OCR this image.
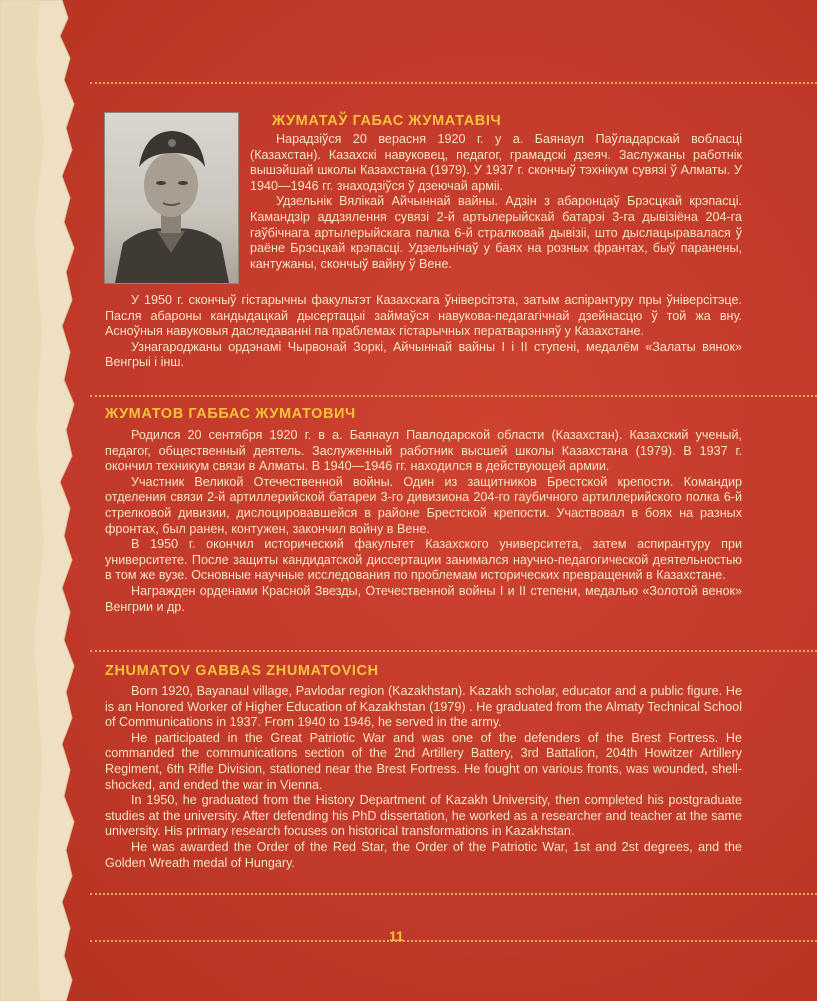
ЖУМАТАЎ ГАБАС ЖУМАТАВІЧ

Нарадзіўся 20 верасня 1920 г. у а. Баянаул Паўладарскай вобласці (Казахстан). Казахскі навуковец, педагог, грамадскі дзеяч. Заслужаны работнік вышэйшай школы Казахстана (1979). У 1937 г. скончыў тэхнікум сувязі ў Алматы. У 1940—1946 гг. знаходзіўся ў дзеючай арміі.

Удзельнік Вялікай Айчыннай вайны. Адзін з абаронцаў Брэсцкай крэпасці. Камандзір аддзялення сувязі 2-й артылерыйскай батарэі 3-га дывізіёна 204-га гаўбічнага артылерыйскага палка 6-й стралковай дывізіі, што дыслацыравалася ў раёне Брэсцкай крэпасці. Удзельнічаў у баях на розных франтах, быў паранены, кантужаны, скончыў вайну ў Вене.

У 1950 г. скончыў гістарычны факультэт Казахскага ўніверсітэта, затым аспірантуру пры ўніверсітэце. Пасля абароны кандыдацкай дысертацыі займаўся навукова-педагагічнай дзейнасцю ў той жа вну. Асноўныя навуковыя даследаванні па праблемах гістарычных ператварэнняў у Казахстане.

Узнагароджаны ордэнамі Чырвонай Зоркі, Айчыннай вайны І і ІІ ступені, медалём «Залаты вянок» Венгрыі і інш.

ЖУМАТОВ ГАББАС ЖУМАТОВИЧ

Родился 20 сентября 1920 г. в а. Баянаул Павлодарской области (Казахстан). Казахский ученый, педагог, общественный деятель. Заслуженный работник высшей школы Казахстана (1979). В 1937 г. окончил техникум связи в Алматы. В 1940—1946 гг. находился в действующей армии.

Участник Великой Отечественной войны. Один из защитников Брестской крепости. Командир отделения связи 2-й артиллерийской батареи 3-го дивизиона 204-го гаубичного артиллерийского полка 6-й стрелковой дивизии, дислоцировавшейся в районе Брестской крепости. Участвовал в боях на разных фронтах, был ранен, контужен, закончил войну в Вене.

В 1950 г. окончил исторический факультет Казахского университета, затем аспирантуру при университете. После защиты кандидатской диссертации занимался научно-педагогической деятельностью в том же вузе. Основные научные исследования по проблемам исторических превращений в Казахстане.

Награжден орденами Красной Звезды, Отечественной войны І и ІІ степени, медалью «Золотой венок» Венгрии и др.

ZHUMATOV GABBAS ZHUMATOVICH

Born 1920, Bayanaul village, Pavlodar region (Kazakhstan). Kazakh scholar, educator and a public figure. He is an Honored Worker of Higher Education of Kazakhstan (1979) . He graduated from the Almaty Technical School of Communications in 1937. From 1940 to 1946, he served in the army.

He participated in the Great Patriotic War and was one of the defenders of the Brest Fortress. He commanded the communications section of the 2nd Artillery Battery, 3rd Battalion, 204th Howitzer Artillery Regiment, 6th Rifle Division, stationed near the Brest Fortress. He fought on various fronts, was wounded, shell-shocked, and ended the war in Vienna.

In 1950, he graduated from the History Department of Kazakh University, then completed his postgraduate studies at the university. After defending his PhD dissertation, he worked as a researcher and teacher at the same university. His primary research focuses on historical transformations in Kazakhstan.

He was awarded the Order of the Red Star, the Order of the Patriotic War, 1st and 2st degrees, and the Golden Wreath medal of Hungary.

11
